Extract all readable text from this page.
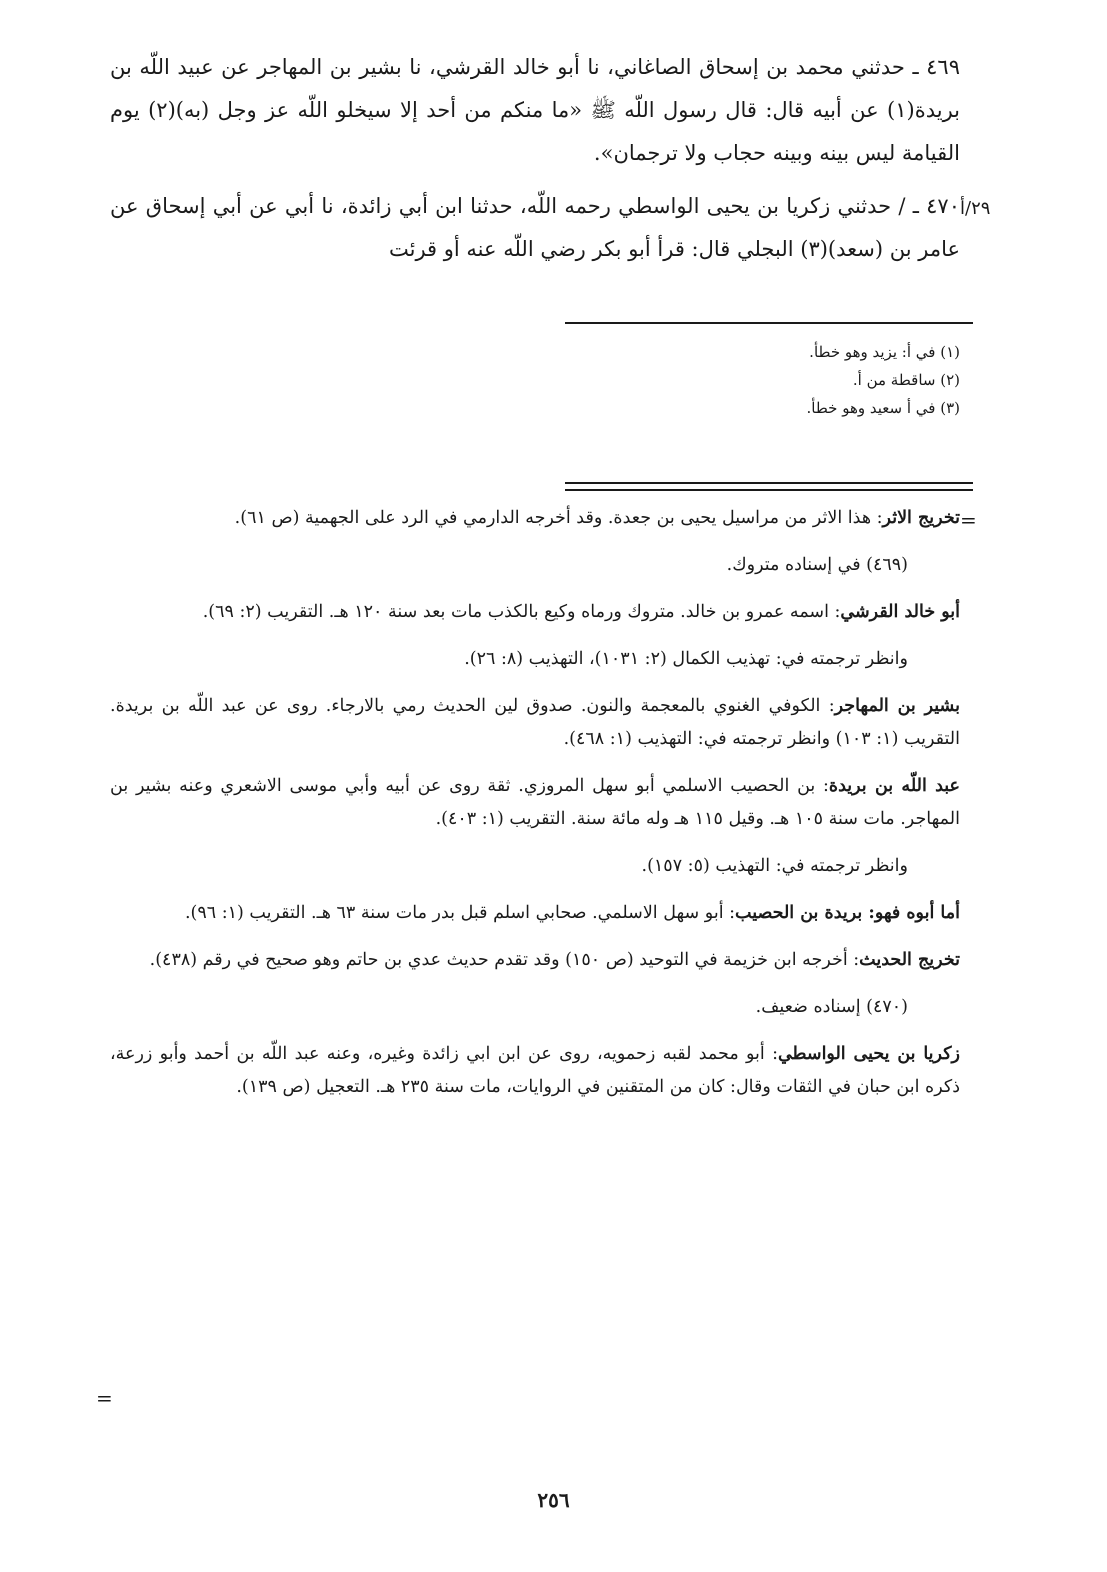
٤٦٩ ـ حدثني محمد بن إسحاق الصاغاني، نا أبو خالد القرشي، نا بشير بن المهاجر عن عبيد اللّه بن بريدة(١) عن أبيه قال: قال رسول اللّه ﷺ «ما منكم من أحد إلا سيخلو اللّه عز وجل (به)(٢) يوم القيامة ليس بينه وبينه حجاب ولا ترجمان».

٤٧٠ ـ / حدثني زكريا بن يحيى الواسطي رحمه اللّه، حدثنا ابن أبي زائدة، نا أبي عن أبي إسحاق عن عامر بن (سعد)(٣) البجلي قال: قرأ أبو بكر رضي اللّه عنه أو قرئت

٢٩/أ
(١) في أ: يزيد وهو خطأ.
(٢) ساقطة من أ.
(٣) في أ سعيد وهو خطأ.
=

تخريج الاثر: هذا الاثر من مراسيل يحيى بن جعدة. وقد أخرجه الدارمي في الرد على الجهمية (ص ٦١).

(٤٦٩) في إسناده متروك.

أبو خالد القرشي: اسمه عمرو بن خالد. متروك ورماه وكيع بالكذب مات بعد سنة ١٢٠ هـ. التقريب (٢: ٦٩).

وانظر ترجمته في: تهذيب الكمال (٢: ١٠٣١)، التهذيب (٨: ٢٦).

بشير بن المهاجر: الكوفي الغنوي بالمعجمة والنون. صدوق لين الحديث رمي بالارجاء. روى عن عبد اللّه بن بريدة. التقريب (١: ١٠٣) وانظر ترجمته في: التهذيب (١: ٤٦٨).

عبد اللّه بن بريدة: بن الحصيب الاسلمي أبو سهل المروزي. ثقة روى عن أبيه وأبي موسى الاشعري وعنه بشير بن المهاجر. مات سنة ١٠٥ هـ. وقيل ١١٥ هـ وله مائة سنة. التقريب (١: ٤٠٣).

وانظر ترجمته في: التهذيب (٥: ١٥٧).

أما أبوه فهو: بريدة بن الحصيب: أبو سهل الاسلمي. صحابي اسلم قبل بدر مات سنة ٦٣ هـ. التقريب (١: ٩٦).

تخريج الحديث: أخرجه ابن خزيمة في التوحيد (ص ١٥٠) وقد تقدم حديث عدي بن حاتم وهو صحيح في رقم (٤٣٨).

(٤٧٠) إسناده ضعيف.

زكريا بن يحيى الواسطي: أبو محمد لقبه زحمويه، روى عن ابن ابي زائدة وغيره، وعنه عبد اللّه بن أحمد وأبو زرعة، ذكره ابن حبان في الثقات وقال: كان من المتقنين في الروايات، مات سنة ٢٣٥ هـ. التعجيل (ص ١٣٩).

=
٢٥٦
